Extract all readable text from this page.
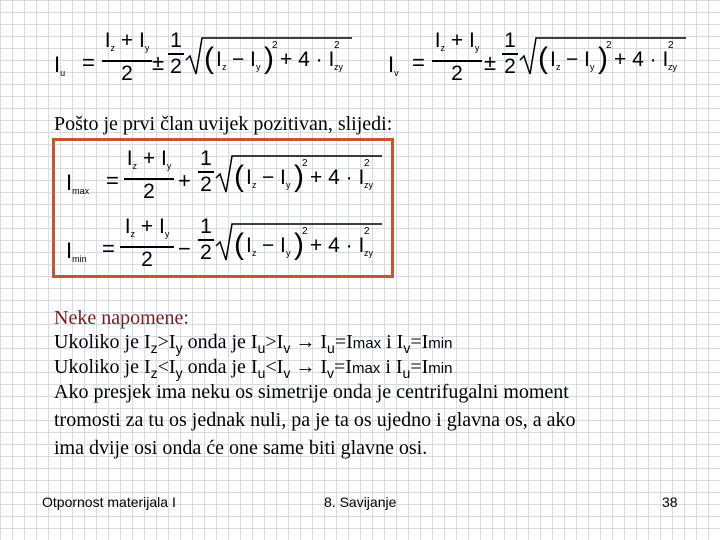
$I_u$ =
$I_z + I_y$
2 ±
1
2 ( I z − I y )
2
+ 4 · I
2
zy $I_v$ =
$I_z + I_y$
2 ±
1
2 ( I z − I y )
2
+ 4 · I
2
zy
Pošto je prvi član uvijek pozitivan, slijedi:
$I_{max}$ =
$I_z + I_y$
2	+
1
2 ( I z − I y )
2
+ 4 · I
2
zy
$I_{min}$ =
$I_z + I_y$
2	−
1
2 ( I z − I y )
2
+ 4 · I
2
zy
Neke napomene:
Ukoliko je $I_z>I_y$ onda je $I_u>I_v \to I_u=Imax$ i $I_v=Imin$
Ukoliko je $I_z<I_y$ onda je $I_u<I_v \to I_v=Imax$ i $I_u=Imin$
Ako presjek ima neku os simetrije onda je centrifugalni moment
tromosti za tu os jednak nuli, pa je ta os ujedno i glavna os, a ako
ima dvije osi onda će one same biti glavne osi.
Otpornost materijala I	8. Savijanje	38
